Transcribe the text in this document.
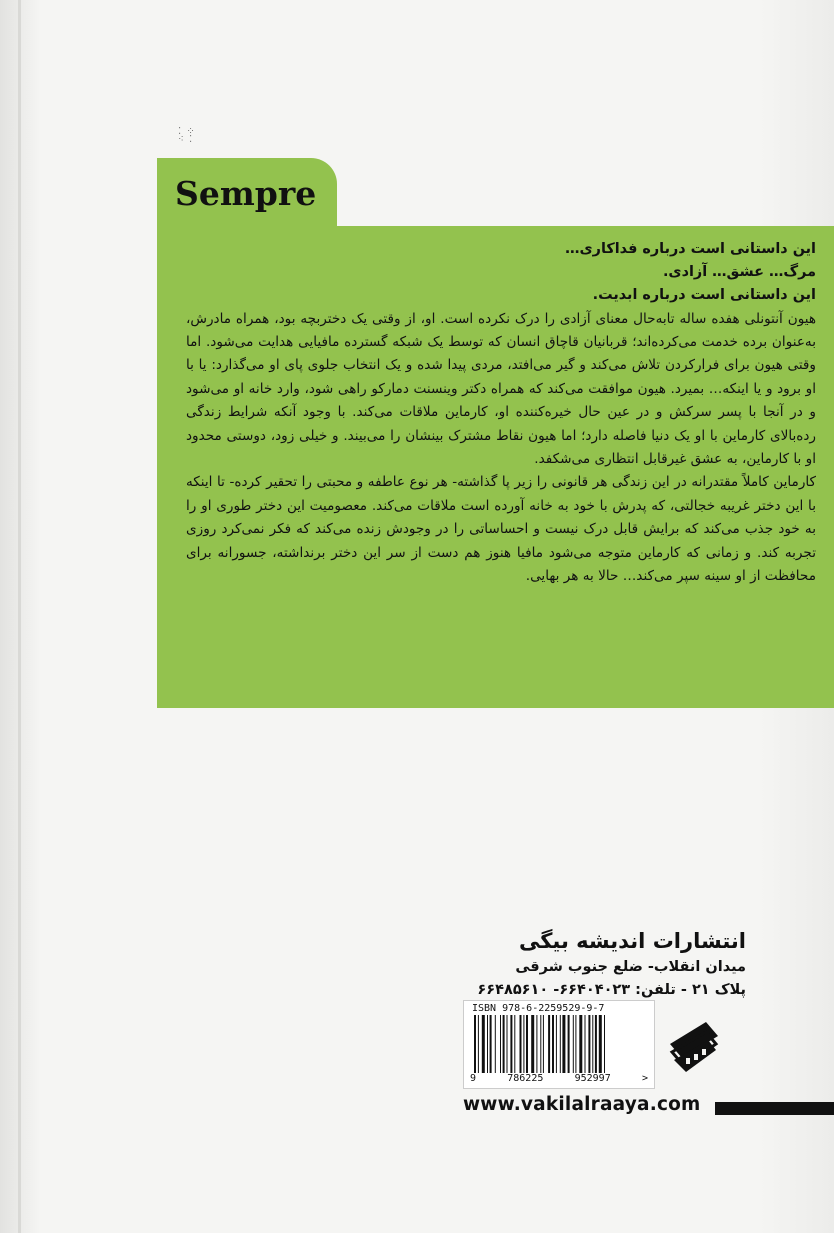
⁚ ⁘
⁖ ⁚
Sempre
این داستانی است درباره فداکاری…
مرگ… عشق… آزادی.
این داستانی است درباره ابدیت.

هیون آنتونلی هفده ساله تابه‌حال معنای آزادی را درک نکرده است. او، از وقتی یک دختربچه بود، همراه مادرش، به‌عنوان برده خدمت می‌کرده‌اند؛ قربانیان قاچاق انسان که توسط یک شبکه گسترده مافیایی هدایت می‌شود. اما وقتی هیون برای فرارکردن تلاش می‌کند و گیر می‌افتد، مردی پیدا شده و یک انتخاب جلوی پای او می‌گذارد: یا با او برود و یا اینکه… بمیرد. هیون موافقت می‌کند که همراه دکتر وینسنت دمارکو راهی شود، وارد خانه او می‌شود و در آنجا با پسر سرکش و در عین حال خیره‌کننده او، کارماین ملاقات می‌کند. با وجود آنکه شرایط زندگی رده‌بالای کارماین با او یک دنیا فاصله دارد؛ اما هیون نقاط مشترک بینشان را می‌بیند. و خیلی زود، دوستی محدود او با کارماین، به عشق غیرقابل انتظاری می‌شکفد.

کارماین کاملاً مقتدرانه در این زندگی هر قانونی را زیر پا گذاشته- هر نوع عاطفه و محبتی را تحقیر کرده- تا اینکه با این دختر غریبه خجالتی، که پدرش با خود به خانه آورده است ملاقات می‌کند. معصومیت این دختر طوری او را به خود جذب می‌کند که برایش قابل درک نیست و احساساتی را در وجودش زنده می‌کند که فکر نمی‌کرد روزی تجربه کند. و زمانی که کارماین متوجه می‌شود مافیا هنوز هم دست از سر این دختر برنداشته، جسورانه برای محافظت از او سینه سپر می‌کند… حالا به هر بهایی.

انتشارات اندیشه بیگی
میدان انقلاب- ضلع جنوب شرقی
پلاک ۲۱ - تلفن: ۶۶۴۰۴۰۲۳- ۶۶۴۸۵۶۱۰
ISBN 978-6-2259529-9-7
9	786225	952997	>
www.vakilalraaya.com
